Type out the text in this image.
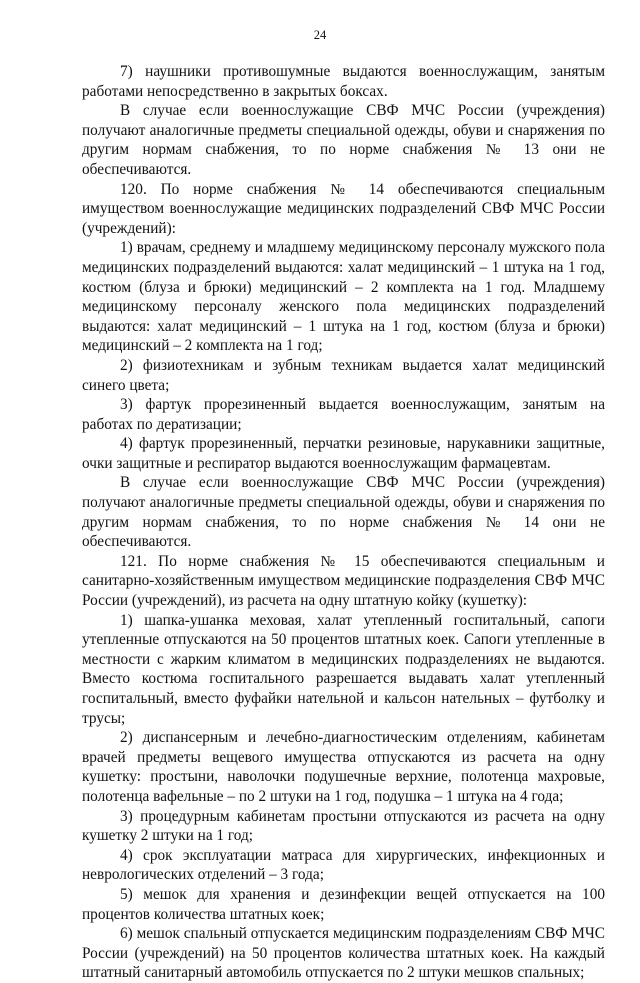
24

7) наушники противошумные выдаются военнослужащим, занятым работами непосредственно в закрытых боксах.

В случае если военнослужащие СВФ МЧС России (учреждения) получают аналогичные предметы специальной одежды, обуви и снаряжения по другим нормам снабжения, то по норме снабжения № 13 они не обеспечиваются.

120. По норме снабжения № 14 обеспечиваются специальным имуществом военнослужащие медицинских подразделений СВФ МЧС России (учреждений):

1) врачам, среднему и младшему медицинскому персоналу мужского пола медицинских подразделений выдаются: халат медицинский – 1 штука на 1 год, костюм (блуза и брюки) медицинский – 2 комплекта на 1 год. Младшему медицинскому персоналу женского пола медицинских подразделений выдаются: халат медицинский – 1 штука на 1 год, костюм (блуза и брюки) медицинский – 2 комплекта на 1 год;

2) физиотехникам и зубным техникам выдается халат медицинский синего цвета;

3) фартук прорезиненный выдается военнослужащим, занятым на работах по дератизации;

4) фартук прорезиненный, перчатки резиновые, нарукавники защитные, очки защитные и респиратор выдаются военнослужащим фармацевтам.

В случае если военнослужащие СВФ МЧС России (учреждения) получают аналогичные предметы специальной одежды, обуви и снаряжения по другим нормам снабжения, то по норме снабжения № 14 они не обеспечиваются.

121. По норме снабжения № 15 обеспечиваются специальным и санитарно-хозяйственным имуществом медицинские подразделения СВФ МЧС России (учреждений), из расчета на одну штатную койку (кушетку):

1) шапка-ушанка меховая, халат утепленный госпитальный, сапоги утепленные отпускаются на 50 процентов штатных коек. Сапоги утепленные в местности с жарким климатом в медицинских подразделениях не выдаются. Вместо костюма госпитального разрешается выдавать халат утепленный госпитальный, вместо фуфайки нательной и кальсон нательных – футболку и трусы;

2) диспансерным и лечебно-диагностическим отделениям, кабинетам врачей предметы вещевого имущества отпускаются из расчета на одну кушетку: простыни, наволочки подушечные верхние, полотенца махровые, полотенца вафельные – по 2 штуки на 1 год, подушка – 1 штука на 4 года;

3) процедурным кабинетам простыни отпускаются из расчета на одну кушетку 2 штуки на 1 год;

4) срок эксплуатации матраса для хирургических, инфекционных и неврологических отделений – 3 года;

5) мешок для хранения и дезинфекции вещей отпускается на 100 процентов количества штатных коек;

6) мешок спальный отпускается медицинским подразделениям СВФ МЧС России (учреждений) на 50 процентов количества штатных коек. На каждый штатный санитарный автомобиль отпускается по 2 штуки мешков спальных;
